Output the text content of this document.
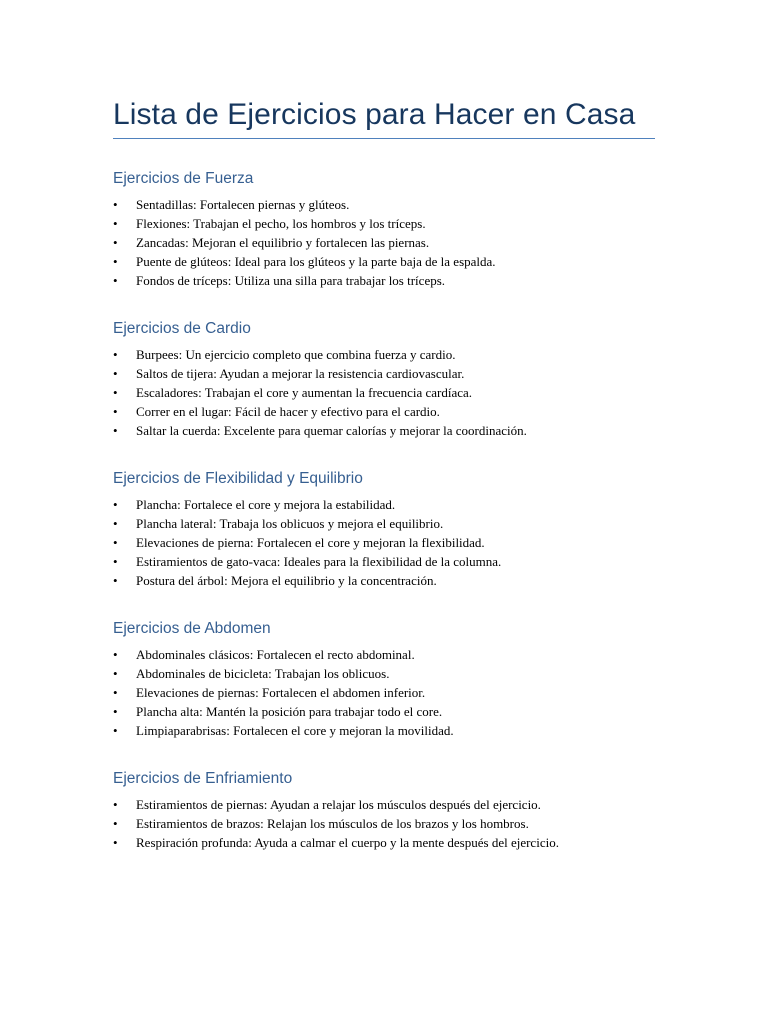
Lista de Ejercicios para Hacer en Casa
Ejercicios de Fuerza
• Sentadillas: Fortalecen piernas y glúteos.
• Flexiones: Trabajan el pecho, los hombros y los tríceps.
• Zancadas: Mejoran el equilibrio y fortalecen las piernas.
• Puente de glúteos: Ideal para los glúteos y la parte baja de la espalda.
• Fondos de tríceps: Utiliza una silla para trabajar los tríceps.
Ejercicios de Cardio
• Burpees: Un ejercicio completo que combina fuerza y cardio.
• Saltos de tijera: Ayudan a mejorar la resistencia cardiovascular.
• Escaladores: Trabajan el core y aumentan la frecuencia cardíaca.
• Correr en el lugar: Fácil de hacer y efectivo para el cardio.
• Saltar la cuerda: Excelente para quemar calorías y mejorar la coordinación.
Ejercicios de Flexibilidad y Equilibrio
• Plancha: Fortalece el core y mejora la estabilidad.
• Plancha lateral: Trabaja los oblicuos y mejora el equilibrio.
• Elevaciones de pierna: Fortalecen el core y mejoran la flexibilidad.
• Estiramientos de gato-vaca: Ideales para la flexibilidad de la columna.
• Postura del árbol: Mejora el equilibrio y la concentración.
Ejercicios de Abdomen
• Abdominales clásicos: Fortalecen el recto abdominal.
• Abdominales de bicicleta: Trabajan los oblicuos.
• Elevaciones de piernas: Fortalecen el abdomen inferior.
• Plancha alta: Mantén la posición para trabajar todo el core.
• Limpiaparabrisas: Fortalecen el core y mejoran la movilidad.
Ejercicios de Enfriamiento
• Estiramientos de piernas: Ayudan a relajar los músculos después del ejercicio.
• Estiramientos de brazos: Relajan los músculos de los brazos y los hombros.
• Respiración profunda: Ayuda a calmar el cuerpo y la mente después del ejercicio.
